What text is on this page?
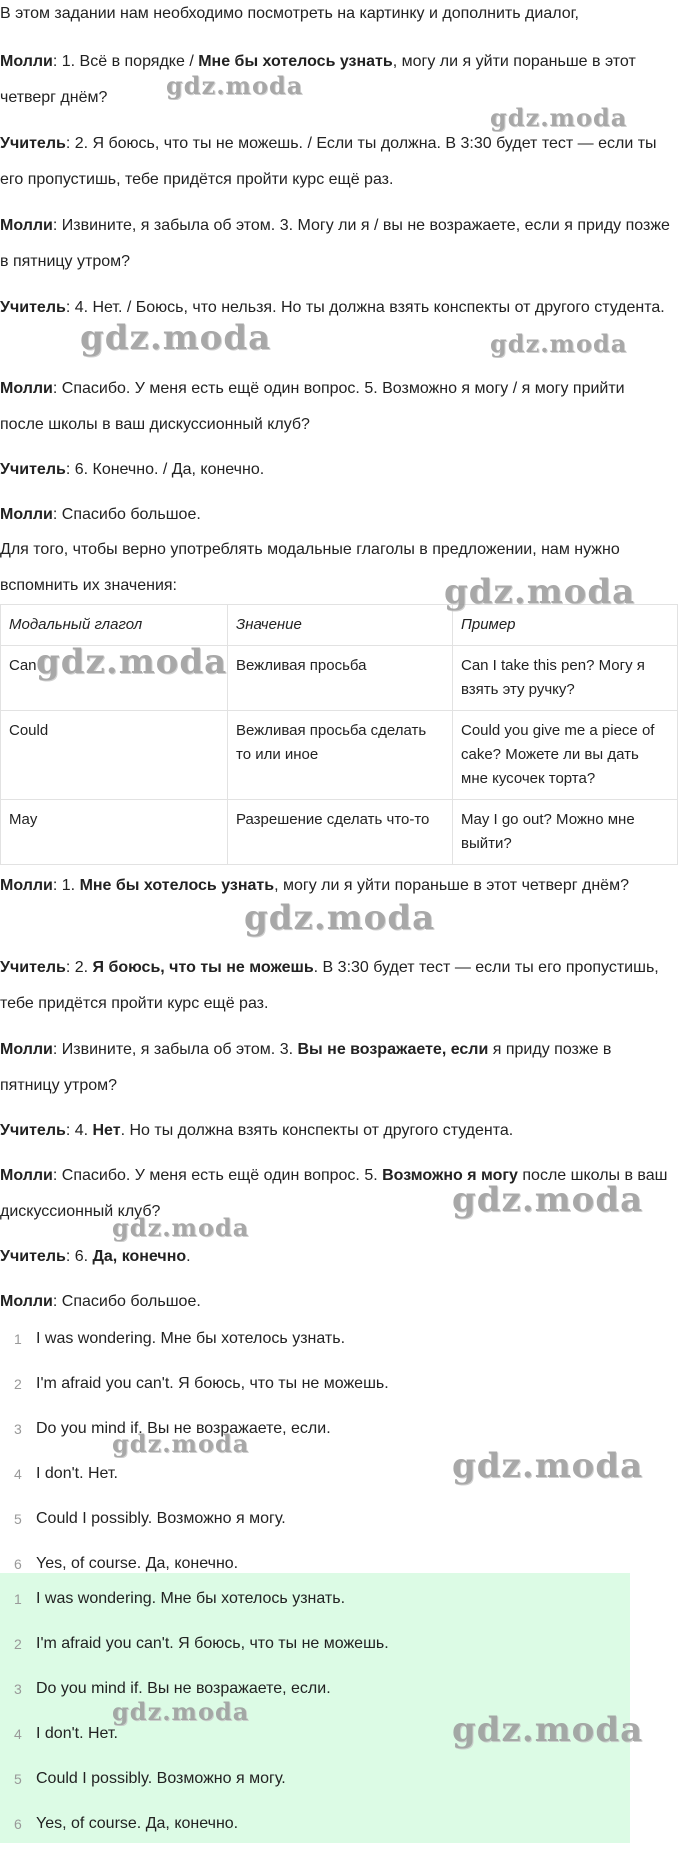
В этом задании нам необходимо посмотреть на картинку и дополнить диалог,

Молли: 1. Всё в порядке / Мне бы хотелось узнать, могу ли я уйти пораньше в этот четверг днём?

Учитель: 2. Я боюсь, что ты не можешь. / Если ты должна. В 3:30 будет тест — если ты его пропустишь, тебе придётся пройти курс ещё раз.

Молли: Извините, я забыла об этом. 3. Могу ли я / вы не возражаете, если я приду позже в пятницу утром?

Учитель: 4. Нет. / Боюсь, что нельзя. Но ты должна взять конспекты от другого студента.

Молли: Спасибо. У меня есть ещё один вопрос. 5. Возможно я могу / я могу прийти после школы в ваш дискуссионный клуб?

Учитель: 6. Конечно. / Да, конечно.

Молли: Спасибо большое.

Для того, чтобы верно употреблять модальные глаголы в предложении, нам нужно вспомнить их значения:

Модальный глагол	Значение	Пример
Can	Вежливая просьба	Can I take this pen? Могу я взять эту ручку?
Could	Вежливая просьба сделать то или иное	Could you give me a piece of cake? Можете ли вы дать мне кусочек торта?
May	Разрешение сделать что-то	May I go out? Можно мне выйти?

Молли: 1. Мне бы хотелось узнать, могу ли я уйти пораньше в этот четверг днём?

Учитель: 2. Я боюсь, что ты не можешь. В 3:30 будет тест — если ты его пропустишь, тебе придётся пройти курс ещё раз.

Молли: Извините, я забыла об этом. 3. Вы не возражаете, если я приду позже в пятницу утром?

Учитель: 4. Нет. Но ты должна взять конспекты от другого студента.

Молли: Спасибо. У меня есть ещё один вопрос. 5. Возможно я могу после школы в ваш дискуссионный клуб?

Учитель: 6. Да, конечно.

Молли: Спасибо большое.

1 I was wondering. Мне бы хотелось узнать.
2 I'm afraid you can't. Я боюсь, что ты не можешь.
3 Do you mind if. Вы не возражаете, если.
4 I don't. Нет.
5 Could I possibly. Возможно я могу.
6 Yes, of course. Да, конечно.
1 I was wondering. Мне бы хотелось узнать.
2 I'm afraid you can't. Я боюсь, что ты не можешь.
3 Do you mind if. Вы не возражаете, если.
4 I don't. Нет.
5 Could I possibly. Возможно я могу.
6 Yes, of course. Да, конечно.
gdz.moda
gdz.moda
gdz.moda	gdz.moda
gdz.moda
gdz.moda
gdz.moda
gdz.moda
gdz.moda
gdz.moda
gdz.moda
gdz.moda	gdz.moda
